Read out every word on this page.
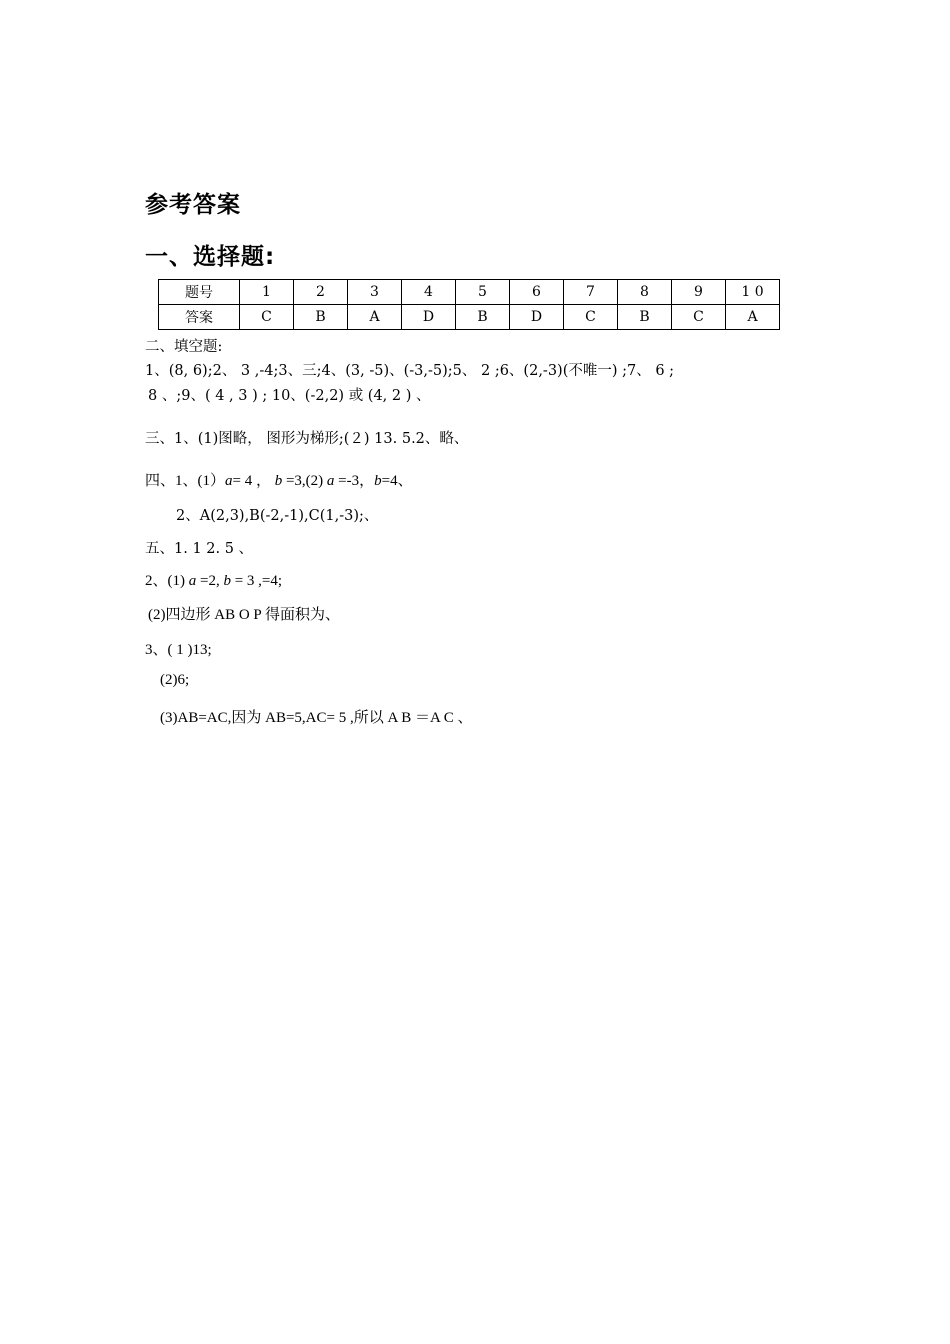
参考答案
一、选择题:
题号	1	2	3	4	5	6	7	8	9	1 0
答案	C	B	A	D	B	D	C	B	C	A
二、填空题:
1、(8, 6);2、 3 ,-4;3、三;4、(3, -5)、(-3,-5);5、 2 ;6、(2,-3)(不唯一) ;7、 6 ;
8 、;9、( 4 , 3 ) ; 10、(-2,2) 或 (4, 2 ) 、
三、1、(1)图略， 图形为梯形;(２) 13. 5.2、略、
四、1、(1）a= 4 ， b =3,(2) a =-3，b=4、
2、A(2,3),B(-2,-1),C(1,-3);、
五、1. 1 2. 5 、
2、(1) a =2, b = 3 ,=4;
(2)四边形 AB O P 得面积为、
3、( 1 )13;
(2)6;
(3)AB=AC,因为 AB=5,AC= 5 ,所以 A B ＝A C 、
